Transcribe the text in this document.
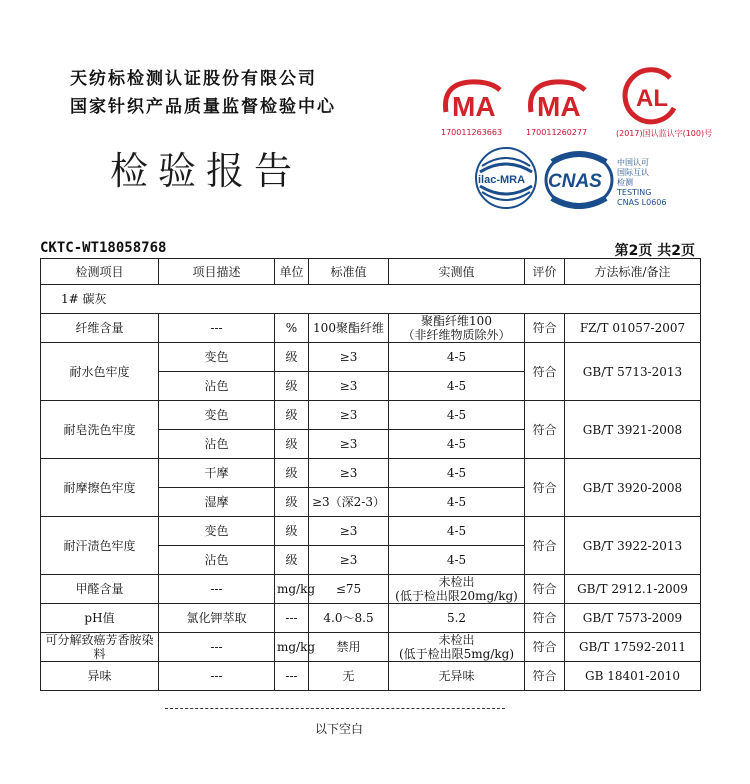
天纺标检测认证股份有限公司
国家针织产品质量监督检验中心
检验报告
MA
170011263663
MA
170011260277
AL
(2017)国认监认字(100)号
ilac-MRA CNAS
中国认可
国际互认
检测
TESTING
CNAS L0606
CKTC-WT18058768	第2页 共2页
检测项目	项目描述	单位	标准值	实测值	评价	方法标准/备注
1# 碳灰						
纤维含量	---	%	100聚酯纤维	聚酯纤维100
（非纤维物质除外）	符合	FZ/T 01057-2007
耐水色牢度	变色	级	≥3	4-5	符合	GB/T 5713-2013
	沾色	级	≥3	4-5		
耐皂洗色牢度	变色	级	≥3	4-5	符合	GB/T 3921-2008
	沾色	级	≥3	4-5		
耐摩擦色牢度	干摩	级	≥3	4-5	符合	GB/T 3920-2008
	湿摩	级	≥3（深2-3）	4-5		
耐汗渍色牢度	变色	级	≥3	4-5	符合	GB/T 3922-2013
	沾色	级	≥3	4-5		
甲醛含量	---	mg/kg	≤75	未检出
(低于检出限20mg/kg)	符合	GB/T 2912.1-2009
pH值	氯化钾萃取	---	4.0～8.5	5.2	符合	GB/T 7573-2009
可分解致癌芳香胺染料	---	mg/kg	禁用	未检出
(低于检出限5mg/kg)	符合	GB/T 17592-2011
异味	---	---	无	无异味	符合	GB 18401-2010
以下空白
